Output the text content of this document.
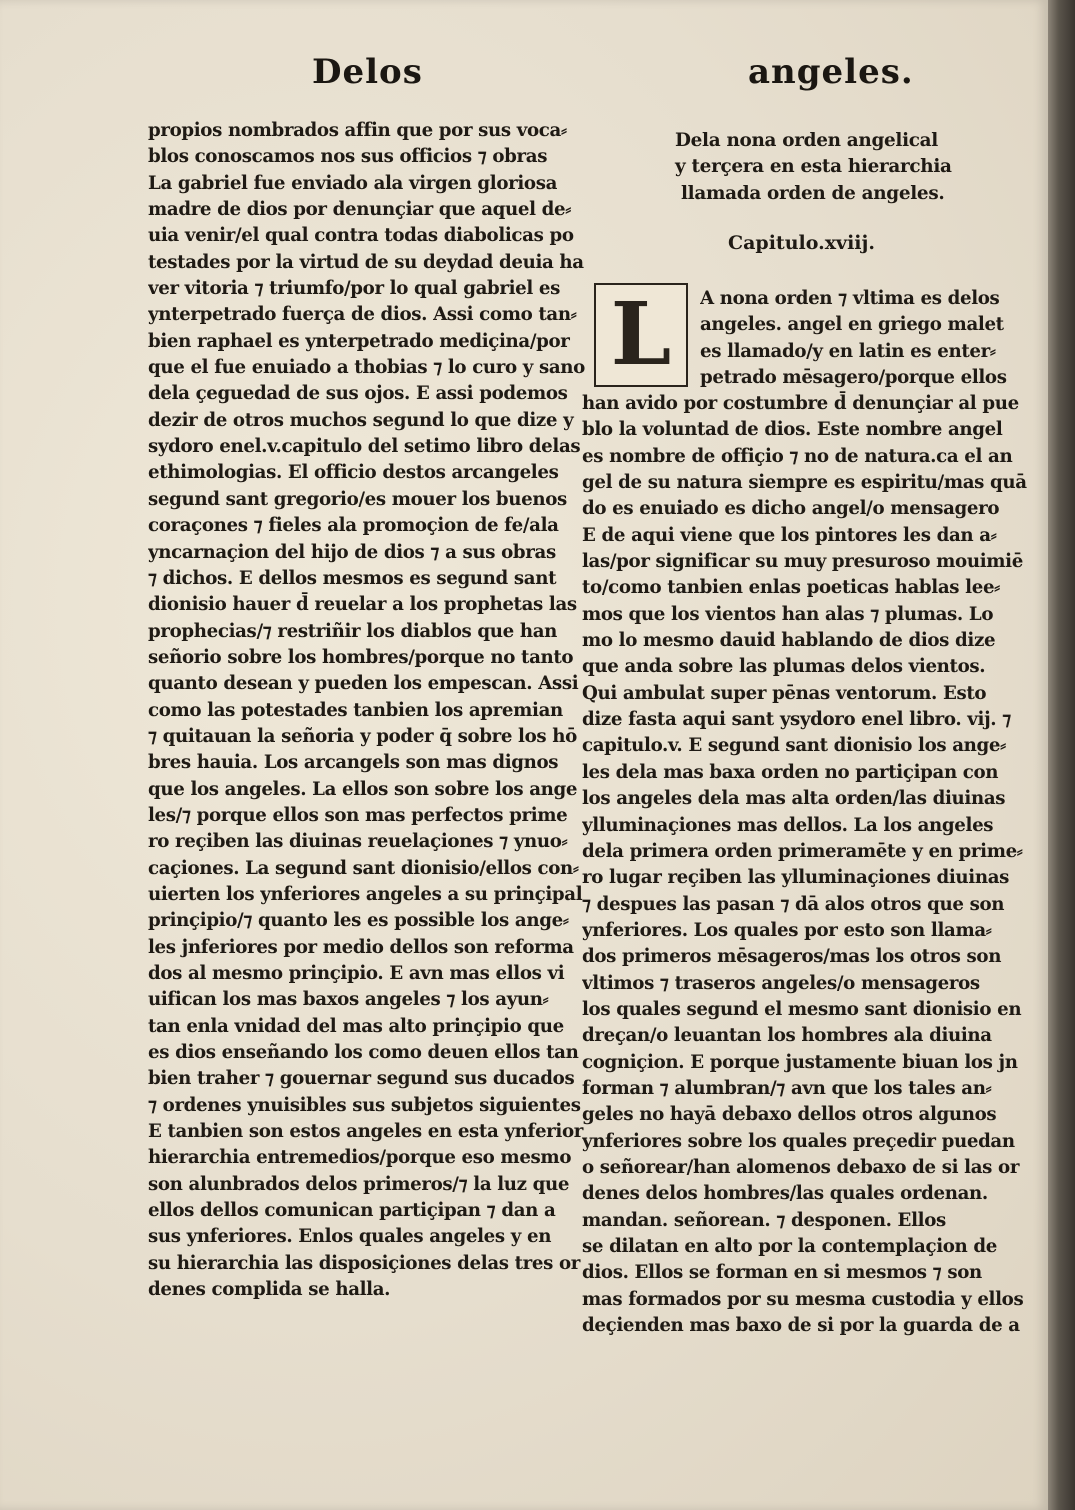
Delos	angeles.
propios nombrados affin que por sus voca⸗
blos conoscamos nos sus officios ⁊ obras
La gabriel fue enviado ala virgen gloriosa
madre de dios por denunçiar que aquel de⸗
uia venir/el qual contra todas diabolicas po
testades por la virtud de su deydad deuia ha
ver vitoria ⁊ triumfo/por lo qual gabriel es
ynterpetrado fuerça de dios. Assi como tan⸗
bien raphael es ynterpetrado mediçina/por
que el fue enuiado a thobias ⁊ lo curo y sano
dela çeguedad de sus ojos. E assi podemos
dezir de otros muchos segund lo que dize y
sydoro enel.v.capitulo del setimo libro delas
ethimologias. El officio destos arcangeles
segund sant gregorio/es mouer los buenos
coraçones ⁊ fieles ala promoçion de fe/ala
yncarnaçion del hijo de dios ⁊ a sus obras
⁊ dichos. E dellos mesmos es segund sant
dionisio hauer d̄ reuelar a los prophetas las
prophecias/⁊ restriñir los diablos que han
señorio sobre los hombres/porque no tanto
quanto desean y pueden los empescan. Assi
como las potestades tanbien los apremian
⁊ quitauan la señoria y poder q̄ sobre los hō
bres hauia. Los arcangels son mas dignos
que los angeles. La ellos son sobre los ange
les/⁊ porque ellos son mas perfectos prime
ro reçiben las diuinas reuelaçiones ⁊ ynuo⸗
caçiones. La segund sant dionisio/ellos con⸗
uierten los ynferiores angeles a su prinçipal
prinçipio/⁊ quanto les es possible los ange⸗
les jnferiores por medio dellos son reforma
dos al mesmo prinçipio. E avn mas ellos vi
uifican los mas baxos angeles ⁊ los ayun⸗
tan enla vnidad del mas alto prinçipio que
es dios enseñando los como deuen ellos tan
bien traher ⁊ gouernar segund sus ducados
⁊ ordenes ynuisibles sus subjetos siguientes
E tanbien son estos angeles en esta ynferior
hierarchia entremedios/porque eso mesmo
son alunbrados delos primeros/⁊ la luz que
ellos dellos comunican partiçipan ⁊ dan a
sus ynferiores. Enlos quales angeles y en
su hierarchia las disposiçiones delas tres or
denes complida se halla.
Dela nona orden angelical
y terçera en esta hierarchia
llamada orden de angeles.
Capitulo.xviij.
L	A nona orden ⁊ vltima es delos
angeles. angel en griego malet
es llamado/y en latin es enter⸗
petrado mēsagero/porque ellos
han avido por costumbre d̄ denunçiar al pue
blo la voluntad de dios. Este nombre angel
es nombre de offiçio ⁊ no de natura.ca el an
gel de su natura siempre es espiritu/mas quā
do es enuiado es dicho angel/o mensagero
E de aqui viene que los pintores les dan a⸗
las/por significar su muy presuroso mouimiē
to/como tanbien enlas poeticas hablas lee⸗
mos que los vientos han alas ⁊ plumas. Lo
mo lo mesmo dauid hablando de dios dize
que anda sobre las plumas delos vientos.
Qui ambulat super pēnas ventorum. Esto
dize fasta aqui sant ysydoro enel libro. vij. ⁊
capitulo.v. E segund sant dionisio los ange⸗
les dela mas baxa orden no partiçipan con
los angeles dela mas alta orden/las diuinas
ylluminaçiones mas dellos. La los angeles
dela primera orden primeramēte y en prime⸗
ro lugar reçiben las ylluminaçiones diuinas
⁊ despues las pasan ⁊ dā alos otros que son
ynferiores. Los quales por esto son llama⸗
dos primeros mēsageros/mas los otros son
vltimos ⁊ traseros angeles/o mensageros
los quales segund el mesmo sant dionisio en
dreçan/o leuantan los hombres ala diuina
cogniçion. E porque justamente biuan los jn
forman ⁊ alumbran/⁊ avn que los tales an⸗
geles no hayā debaxo dellos otros algunos
ynferiores sobre los quales preçedir puedan
o señorear/han alomenos debaxo de si las or
denes delos hombres/las quales ordenan.
mandan. señorean. ⁊ desponen. Ellos
se dilatan en alto por la contemplaçion de
dios. Ellos se forman en si mesmos ⁊ son
mas formados por su mesma custodia y ellos
deçienden mas baxo de si por la guarda de a
